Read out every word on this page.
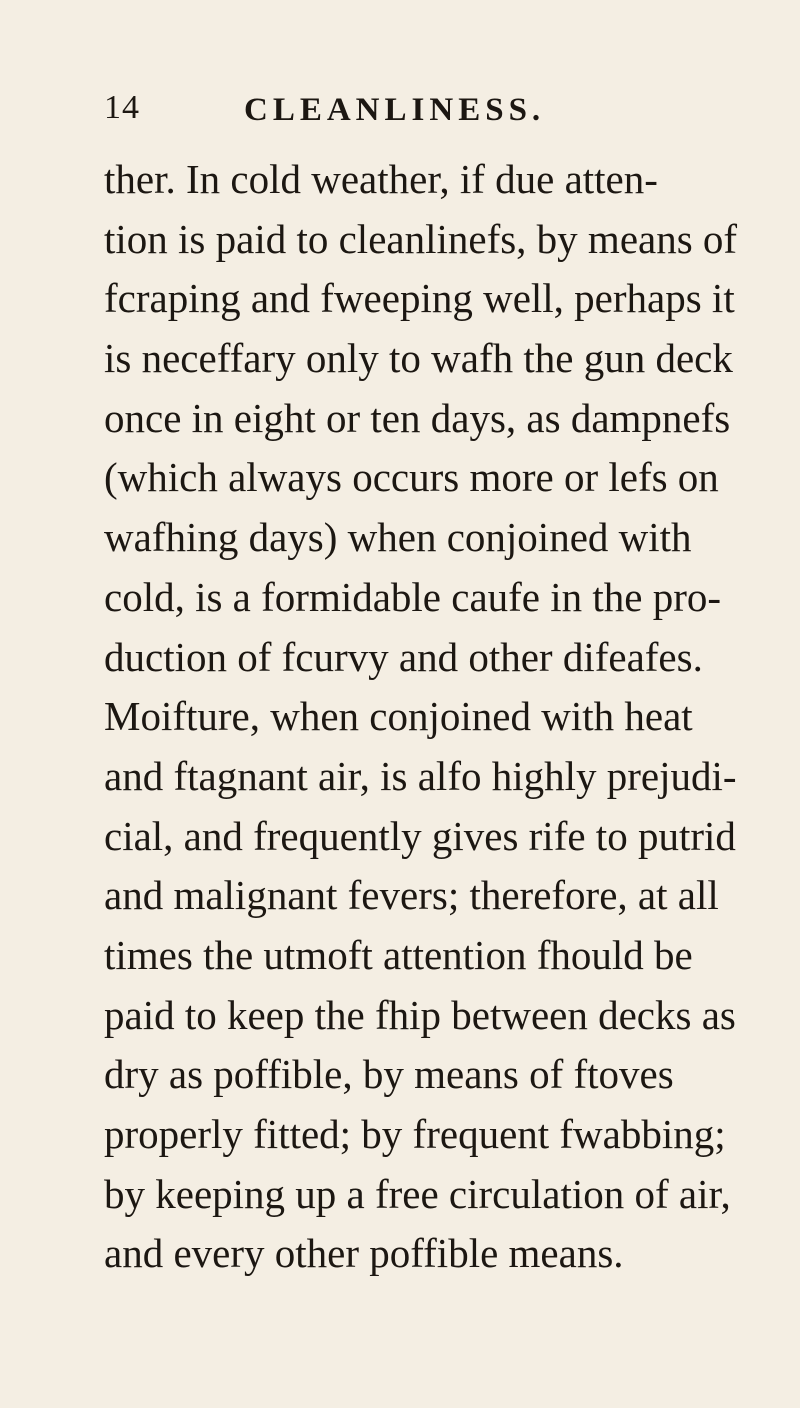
14	CLEANLINESS.
ther. In cold weather, if due atten-
tion is paid to cleanlinefs, by means of
fcraping and fweeping well, perhaps it
is neceffary only to wafh the gun deck
once in eight or ten days, as dampnefs
(which always occurs more or lefs on
wafhing days) when conjoined with
cold, is a formidable caufe in the pro-
duction of fcurvy and other difeafes.
Moifture, when conjoined with heat
and ftagnant air, is alfo highly prejudi-
cial, and frequently gives rife to putrid
and malignant fevers; therefore, at all
times the utmoft attention fhould be
paid to keep the fhip between decks as
dry as poffible, by means of ftoves
properly fitted; by frequent fwabbing;
by keeping up a free circulation of air,
and every other poffible means.
